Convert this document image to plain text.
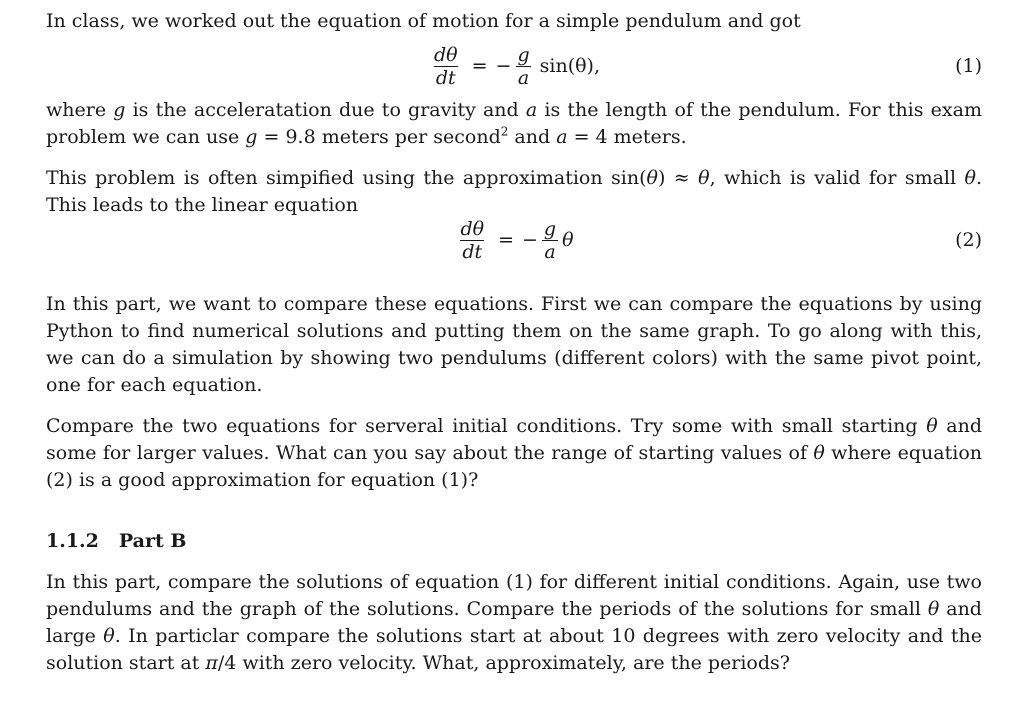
In class, we worked out the equation of motion for a simple pendulum and got

$\frac{d\theta}{dt}$ = − $\frac{g}{a} \sin(\theta)$,	(1)

where g is the acceleratation due to gravity and a is the length of the pendulum. For this exam problem we can use g = 9.8 meters per second$^2$ and a = 4 meters.

This problem is often simpified using the approximation sin(θ) ≈ θ, which is valid for small θ. This leads to the linear equation

$\frac{d\theta}{dt}$ = − $\frac{g}{a}$ θ	(2)

In this part, we want to compare these equations. First we can compare the equations by using Python to find numerical solutions and putting them on the same graph. To go along with this, we can do a simulation by showing two pendulums (different colors) with the same pivot point, one for each equation.

Compare the two equations for serveral initial conditions. Try some with small starting θ and some for larger values. What can you say about the range of starting values of θ where equation (2) is a good approximation for equation (1)?

1.1.2 Part B

In this part, compare the solutions of equation (1) for different initial conditions. Again, use two pendulums and the graph of the solutions. Compare the periods of the solutions for small θ and large θ. In particlar compare the solutions start at about 10 degrees with zero velocity and the solution start at π/4 with zero velocity. What, approximately, are the periods?
